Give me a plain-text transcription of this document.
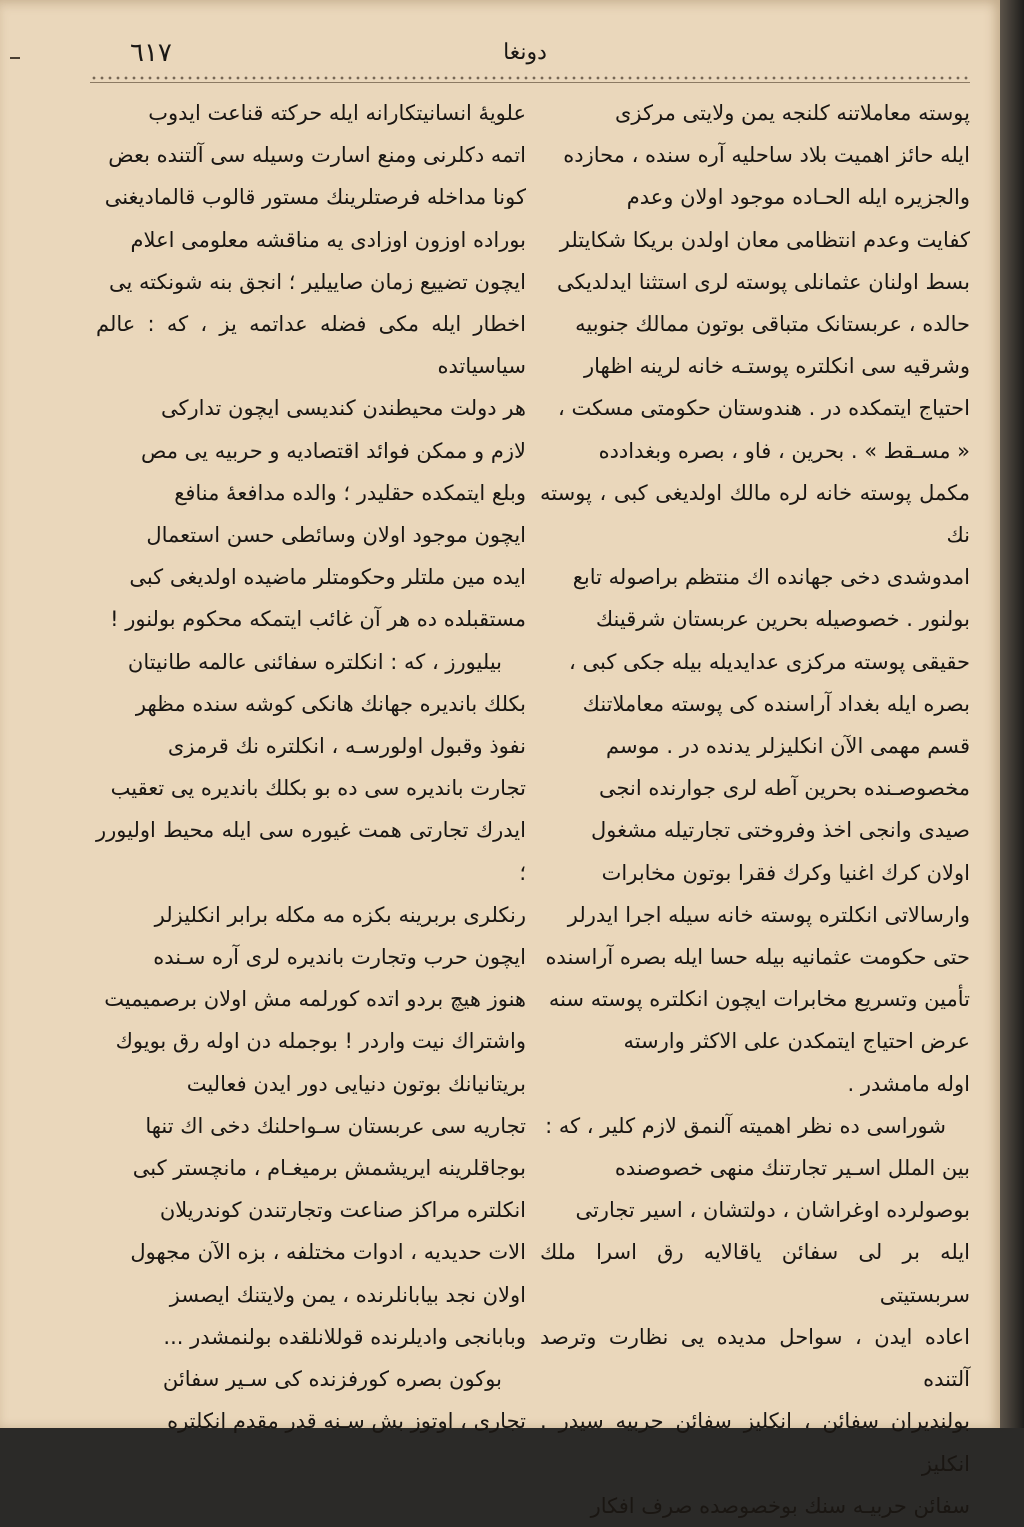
٦١٧	دونغا

پوسته معاملاتنه کلنجه یمن ولایتی مرکزی

ایله حائز اهمیت بلاد ساحلیه آره سنده ، محازده

والجزیره ایله الحـاده موجود اولان وعدم

کفایت وعدم انتظامی معان اولدن بریکا شکایتلر

بسط اولنان عثمانلی پوسته لری استثنا ایدلدیکی

حالده ، عربستانک متباقی بوتون ممالك جنوبیه

وشرقیه سی انکلتره پوستـه خانه لرینه اظهار

احتیاج ایتمکده در . هندوستان حکومتی مسکت ،

« مسـقط » . بحرین ، فاو ، بصره وبغدادده

مکمل پوسته خانه لره مالك اولدیغی کبی ، پوسته نك

امدوشدی دخی جهانده اك منتظم براصوله تابع

بولنور . خصوصیله بحرین عربستان شرقینك

حقیقی پوسته مرکزی عدایدیله بیله جکی کبی ،

بصره ایله بغداد آراسنده کی پوسته معاملاتنك

قسم مهمی الآن انکلیزلر یدنده در . موسم

مخصوصـنده بحرین آطه لری جوارنده انجی

صیدی وانجی اخذ وفروختی تجارتیله مشغول

اولان کرك اغنیا وکرك فقرا بوتون مخابرات

وارسالاتی انکلتره پوسته خانه سیله اجرا ایدرلر

حتی حکومت عثمانیه بیله حسا ایله بصره آراسنده

تأمین وتسریع مخابرات ایچون انکلتره پوسته سنه

عرض احتیاج ایتمکدن علی الاکثر وارسته

اوله مامشدر .

شوراسی ده نظر اهمیته آلنمق لازم کلیر ، که :

بین الملل اسـیر تجارتنك منهی خصوصنده

بوصولرده اوغراشان ، دولتشان ، اسیر تجارتی

ایله بر لی سفائن یاقالایه رق اسرا ملك سربستیتی

اعاده ایدن ، سواحل مدیده یی نظارت وترصد آلتنده

بولندیران سفائن ، انکلیز سفائن حربیه سیدر . انکلیز

سفائن حربیـه سنك بوخصوصده صرف افکار

علویهٔ انسانیتکارانه ایله حرکته قناعت ایدوب

اتمه دکلرنی ومنع اسارت وسیله سی آلتنده بعض

کونا مداخله فرصتلرینك مستور قالوب قالمادیغنی

بوراده اوزون اوزادی یه مناقشه معلومی اعلام

ایچون تضییع زمان صاییلیر ؛ انجق بنه شونکته یی

اخطار ایله مکی فضله عداتمه یز ، که : عالم سیاسیاتده

هر دولت محیطندن کندیسی ایچون تدارکی

لازم و ممکن فوائد اقتصادیه و حربیه یی مص

وبلع ایتمکده حقلیدر ؛ والده مدافعهٔ منافع

ایچون موجود اولان وسائطی حسن استعمال

ایده مین ملتلر وحکومتلر ماضیده اولدیغی کبی

مستقبلده ده هر آن غائب ایتمکه محکوم بولنور !

بیلیورز ، که : انکلتره سفائنی عالمه طانیتان

بکلك باندیره جهانك هانکی کوشه سنده مظهر

نفوذ وقبول اولورسـه ، انکلتره نك قرمزی

تجارت باندیره سی ده بو بکلك باندیره یی تعقیب

ایدرك تجارتی همت غیوره سی ایله محیط اولیورر ؛

رنکلری بربرینه بکزه مه مکله برابر انکلیزلر

ایچون حرب وتجارت باندیره لری آره سـنده

هنوز هیچ بردو اتده کورلمه مش اولان برصمیمیت

واشتراك نیت واردر ! بوجمله دن اوله رق بویوك

بریتانیانك بوتون دنیایی دور ایدن فعالیت

تجاریه سی عربستان سـواحلنك دخی اك تنها

بوجاقلرینه ایریشمش برمیغـام ، مانچستر کبی

انکلتره مراکز صناعت وتجارتندن کوندریلان

الات حدیدیه ، ادوات مختلفه ، بزه الآن مجهول

اولان نجد بیابانلرنده ، یمن ولایتنك ایصسز

وبابانجی وادیلرنده قوللانلقده بولنمشدر ...

بوکون بصره کورفزنده کی سـیر سفائن

تجاری ، اوتوز بش سـنه قدر مقدم انکلتره
